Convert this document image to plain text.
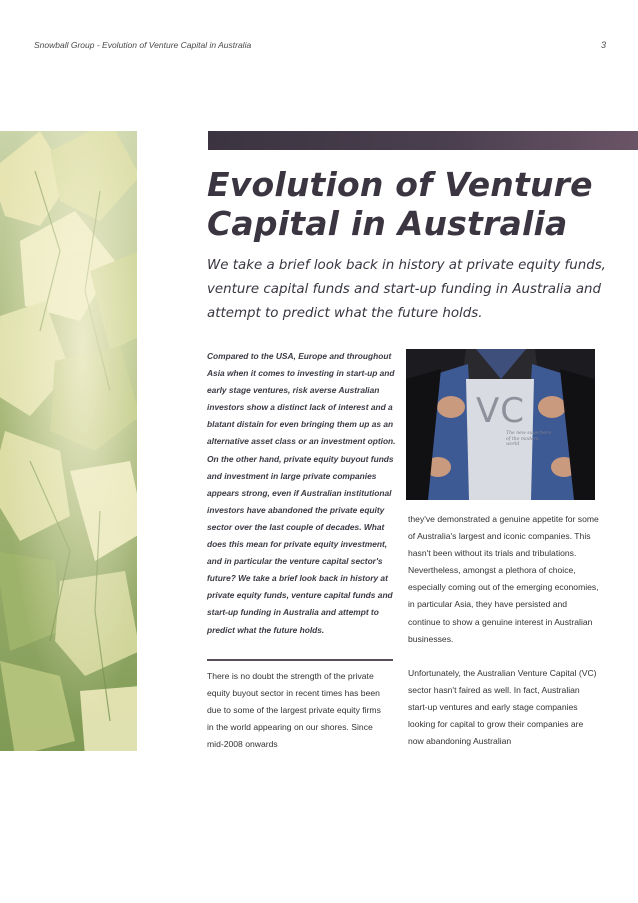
Snowball Group - Evolution of Venture Capital in Australia	3
Evolution of Venture Capital in Australia

We take a brief look back in history at private equity funds, venture capital funds and start-up funding in Australia and attempt to predict what the future holds.

Compared to the USA, Europe and throughout Asia when it comes to investing in start-up and early stage ventures, risk averse Australian investors show a distinct lack of interest and a blatant distain for even bringing them up as an alternative asset class or an investment option. On the other hand, private equity buyout funds and investment in large private companies appears strong, even if Australian institutional investors have abandoned the private equity sector over the last couple of decades. What does this mean for private equity investment, and in particular the venture capital sector's future? We take a brief look back in history at private equity funds, venture capital funds and start-up funding in Australia and attempt to predict what the future holds.

There is no doubt the strength of the private equity buyout sector in recent times has been due to some of the largest private equity firms in the world appearing on our shores. Since mid-2008 onwards

VC
The new superhero of the modern world

they've demonstrated a genuine appetite for some of Australia's largest and iconic companies. This hasn't been without its trials and tribulations. Nevertheless, amongst a plethora of choice, especially coming out of the emerging economies, in particular Asia, they have persisted and continue to show a genuine interest in Australian businesses.

Unfortunately, the Australian Venture Capital (VC) sector hasn't faired as well. In fact, Australian start-up ventures and early stage companies looking for capital to grow their companies are now abandoning Australian
